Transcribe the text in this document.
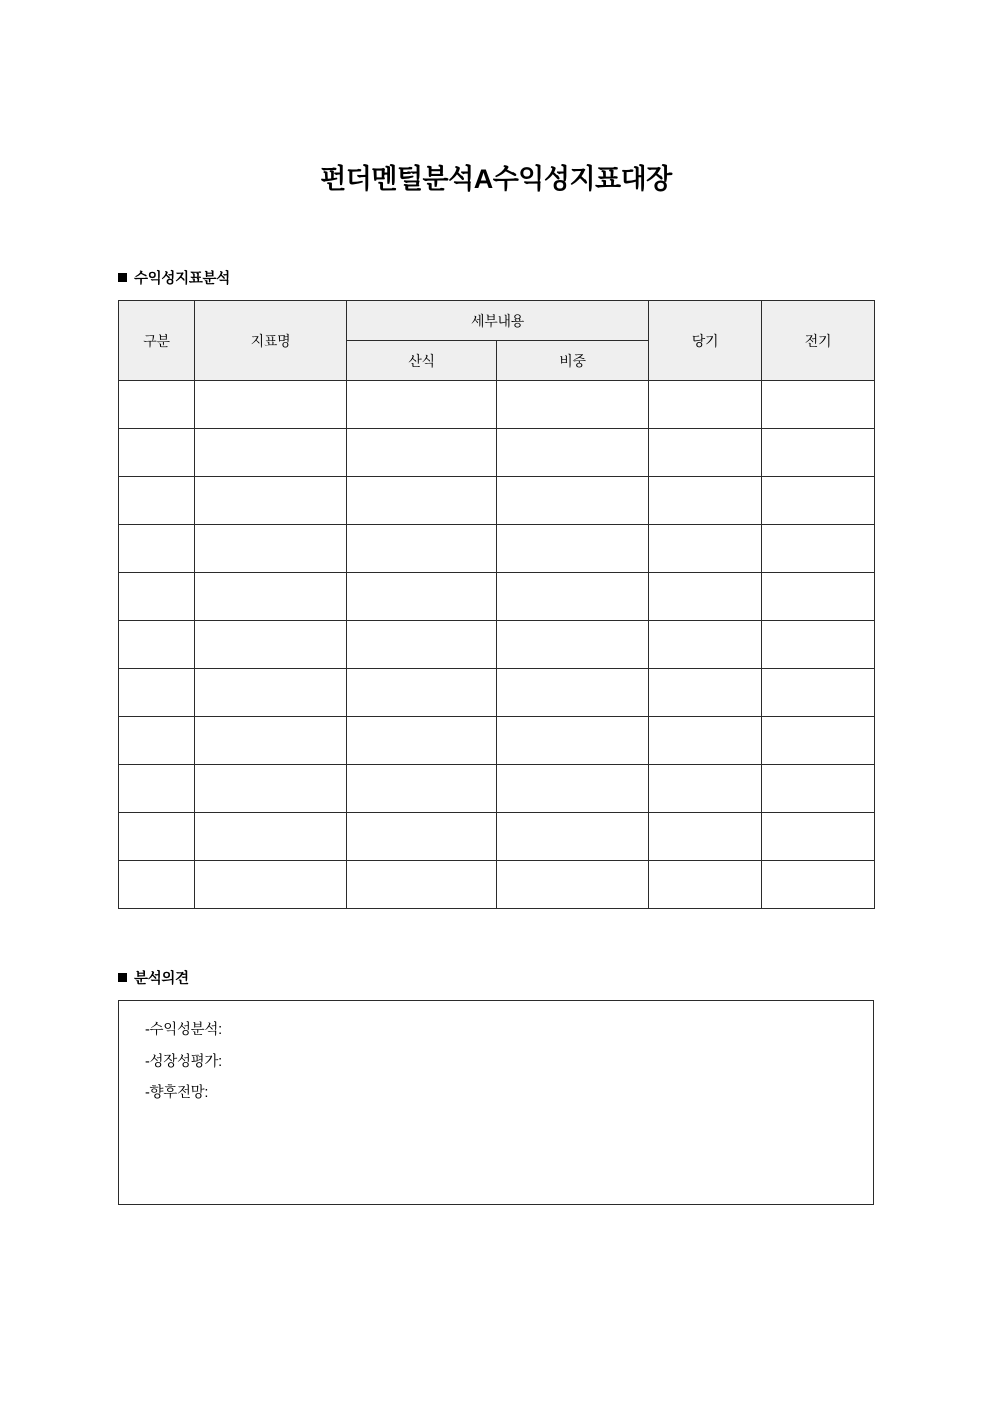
펀더멘털분석A수익성지표대장
수익성지표분석
구분	지표명	세부내용		당기	전기
		산식	비중		

분석의견

-수익성분석:

-성장성평가:

-향후전망:
